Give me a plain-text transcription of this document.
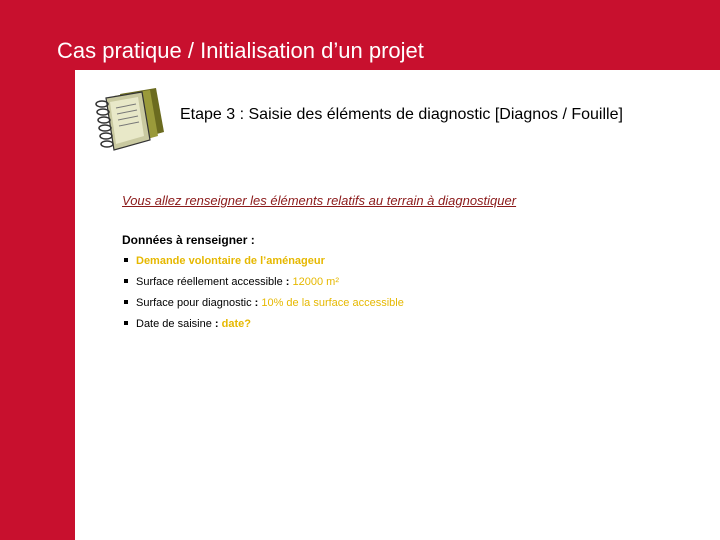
Cas pratique / Initialisation d’un projet
Etape 3 : Saisie des éléments de diagnostic [Diagnos / Fouille]
Vous allez renseigner les éléments relatifs au terrain à diagnostiquer
Données à renseigner :
Demande volontaire de l’aménageur
Surface réellement accessible : 12000 m²
Surface pour diagnostic : 10% de la surface accessible
Date de saisine : date?
